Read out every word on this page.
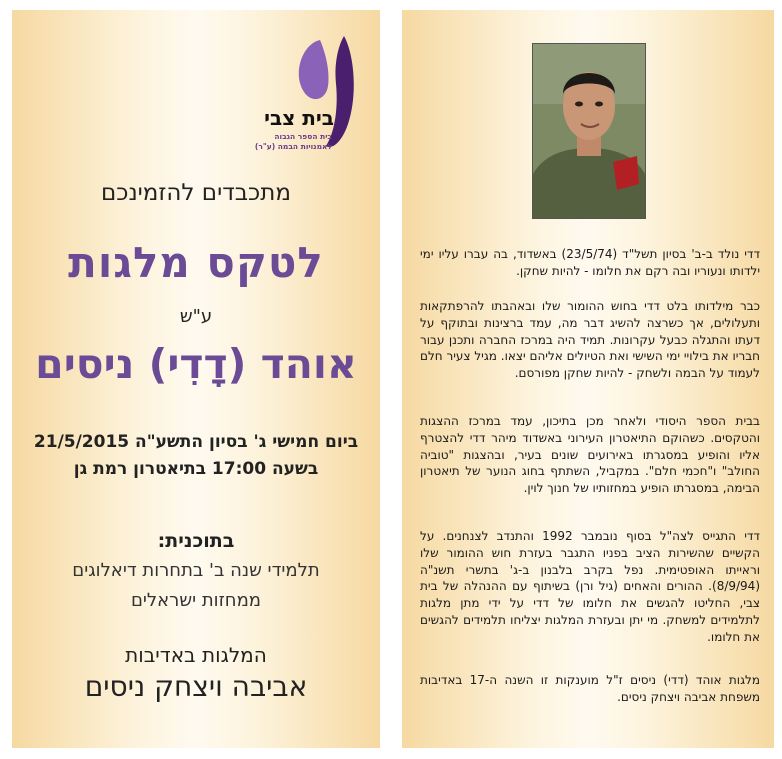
בית צבי
בית הספר הגבוה
לאמנויות הבמה (ע"ר)
מתכבדים להזמינכם
לטקס מלגות
ע"ש
אוהד (דָדִי) ניסים
ביום חמישי ג' בסיון התשע"ה 21/5/2015
בשעה 17:00 בתיאטרון רמת גן
בתוכנית:
תלמידי שנה ב' בתחרות דיאלוגים
ממחזות ישראלים
המלגות באדיבות
אביבה ויצחק ניסים
דדי נולד ב-ב' בסיון תשל"ד (23/5/74) באשדוד, בה עברו עליו ימי ילדותו ונעוריו ובה רקם את חלומו - להיות שחקן.
כבר מילדותו בלט דדי בחוש ההומור שלו ובאהבתו להרפתקאות ותעלולים, אך כשרצה להשיג דבר מה, עמד ברצינות ובתוקף על דעתו והתגלה כבעל עקרונות. תמיד היה במרכז החברה ותכנן עבור חבריו את בילויי ימי השישי ואת הטיולים אליהם יצאו. מגיל צעיר חלם לעמוד על הבמה ולשחק - להיות שחקן מפורסם.
בבית הספר היסודי ולאחר מכן בתיכון, עמד במרכז ההצגות והטקסים. כשהוקם התיאטרון העירוני באשדוד מיהר דדי להצטרף אליו והופיע במסגרתו באירועים שונים בעיר, ובהצגות "טוביה החולב" ו"חכמי חלם". במקביל, השתתף בחוג הנוער של תיאטרון הבימה, במסגרתו הופיע במחזותיו של חנוך לוין.
דדי התגייס לצה"ל בסוף נובמבר 1992 והתנדב לצנחנים. על הקשיים שהשירות הציב בפניו התגבר בעזרת חוש ההומור שלו וראייתו האופטימית. נפל בקרב בלבנון ב-ג' בתשרי תשנ"ה (8/9/94). ההורים והאחים (גיל ורן) בשיתוף עם ההנהלה של בית צבי, החליטו להגשים את חלומו של דדי על ידי מתן מלגות לתלמידים למשחק. מי יתן ובעזרת המלגות יצליחו תלמידים להגשים את חלומו.
מלגות אוהד (דדי) ניסים ז"ל מוענקות זו השנה ה-17 באדיבות משפחת אביבה ויצחק ניסים.
